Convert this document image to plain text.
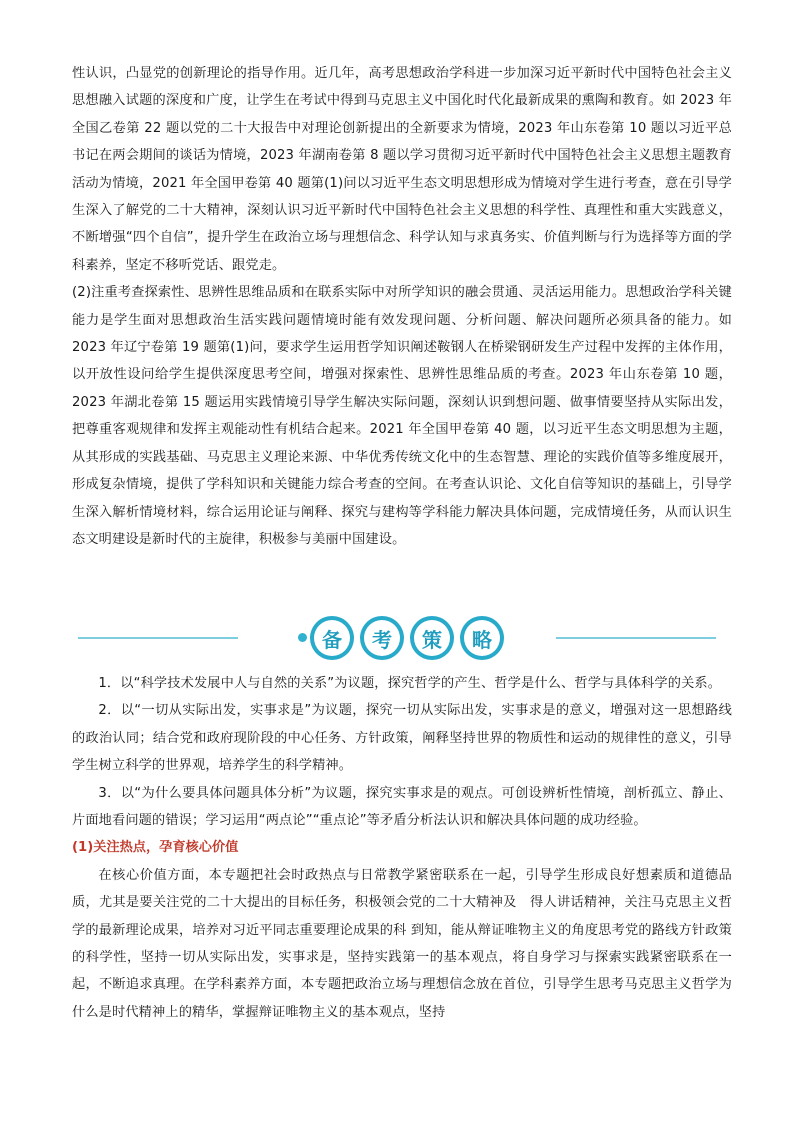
性认识，凸显党的创新理论的指导作用。近几年，高考思想政治学科进一步加深习近平新时代中国特色社会主义思想融入试题的深度和广度，让学生在考试中得到马克思主义中国化时代化最新成果的熏陶和教育。如 2023 年全国乙卷第 22 题以党的二十大报告中对理论创新提出的全新要求为情境，2023 年山东卷第 10 题以习近平总书记在两会期间的谈话为情境，2023 年湖南卷第 8 题以学习贯彻习近平新时代中国特色社会主义思想主题教育活动为情境，2021 年全国甲卷第 40 题第(1)问以习近平生态文明思想形成为情境对学生进行考查，意在引导学生深入了解党的二十大精神，深刻认识习近平新时代中国特色社会主义思想的科学性、真理性和重大实践意义，不断增强“四个自信”，提升学生在政治立场与理想信念、科学认知与求真务实、价值判断与行为选择等方面的学科素养，坚定不移听党话、跟党走。

(2)注重考查探索性、思辨性思维品质和在联系实际中对所学知识的融会贯通、灵活运用能力。思想政治学科关键能力是学生面对思想政治生活实践问题情境时能有效发现问题、分析问题、解决问题所必须具备的能力。如 2023 年辽宁卷第 19 题第(1)问，要求学生运用哲学知识阐述鞍钢人在桥梁钢研发生产过程中发挥的主体作用，以开放性设问给学生提供深度思考空间，增强对探索性、思辨性思维品质的考查。2023 年山东卷第 10 题，2023 年湖北卷第 15 题运用实践情境引导学生解决实际问题，深刻认识到想问题、做事情要坚持从实际出发，把尊重客观规律和发挥主观能动性有机结合起来。2021 年全国甲卷第 40 题，以习近平生态文明思想为主题，从其形成的实践基础、马克思主义理论来源、中华优秀传统文化中的生态智慧、理论的实践价值等多维度展开，形成复杂情境，提供了学科知识和关键能力综合考查的空间。在考查认识论、文化自信等知识的基础上，引导学生深入解析情境材料，综合运用论证与阐释、探究与建构等学科能力解决具体问题，完成情境任务，从而认识生态文明建设是新时代的主旋律，积极参与美丽中国建设。

备	考	策	略

1．以“科学技术发展中人与自然的关系”为议题，探究哲学的产生、哲学是什么、哲学与具体科学的关系。

2．以“一切从实际出发，实事求是”为议题，探究一切从实际出发，实事求是的意义，增强对这一思想路线的政治认同；结合党和政府现阶段的中心任务、方针政策，阐释坚持世界的物质性和运动的规律性的意义，引导学生树立科学的世界观，培养学生的科学精神。

3．以“为什么要具体问题具体分析”为议题，探究实事求是的观点。可创设辨析性情境，剖析孤立、静止、片面地看问题的错误；学习运用“两点论”“重点论”等矛盾分析法认识和解决具体问题的成功经验。

(1)关注热点，孕育核心价值

在核心价值方面，本专题把社会时政热点与日常教学紧密联系在一起，引导学生形成良好想素质和道德品质，尤其是要关注党的二十大提出的目标任务，积极领会党的二十大精神及　得人讲话精神，关注马克思主义哲学的最新理论成果，培养对习近平同志重要理论成果的科 到知，能从辩证唯物主义的角度思考党的路线方针政策的科学性，坚持一切从实际出发，实事求是，坚持实践第一的基本观点，将自身学习与探索实践紧密联系在一起，不断追求真理。在学科素养方面，本专题把政治立场与理想信念放在首位，引导学生思考马克思主义哲学为什么是时代精神上的精华，掌握辩证唯物主义的基本观点，坚持
